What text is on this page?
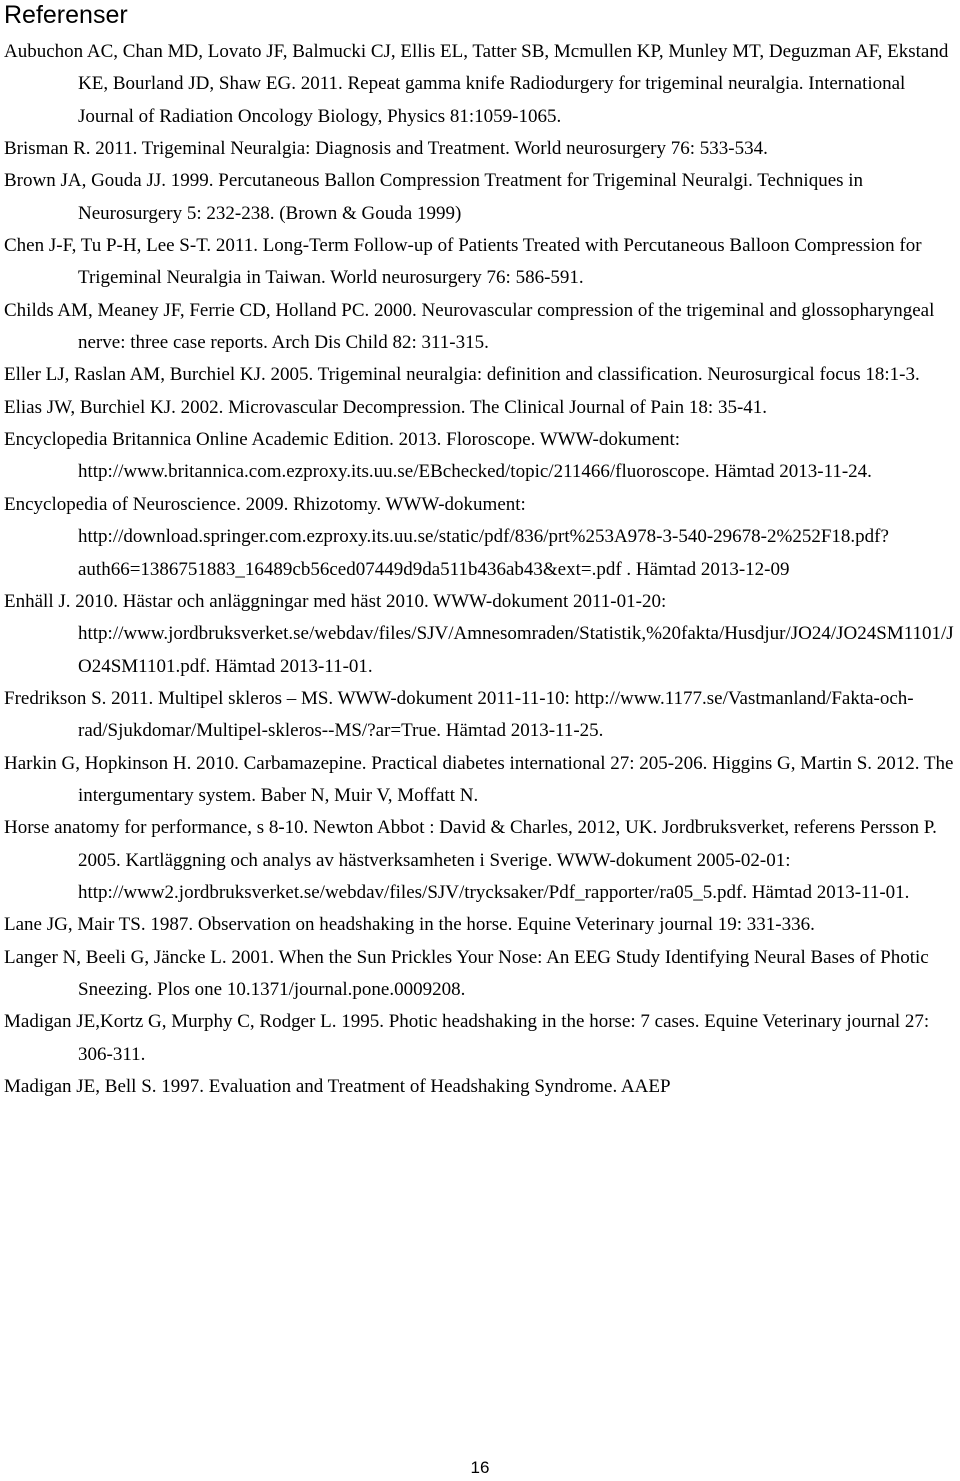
Referenser
Aubuchon AC, Chan MD, Lovato JF, Balmucki CJ, Ellis EL, Tatter SB, Mcmullen KP, Munley MT, Deguzman AF, Ekstand KE, Bourland JD, Shaw EG. 2011. Repeat gamma knife Radiodurgery for trigeminal neuralgia. International Journal of Radiation Oncology Biology, Physics 81:1059-1065.
Brisman R. 2011. Trigeminal Neuralgia: Diagnosis and Treatment. World neurosurgery 76: 533-534.
Brown JA, Gouda JJ. 1999. Percutaneous Ballon Compression Treatment for Trigeminal Neuralgi. Techniques in Neurosurgery 5: 232-238. (Brown & Gouda 1999)
Chen J-F, Tu P-H, Lee S-T. 2011. Long-Term Follow-up of Patients Treated with Percutaneous Balloon Compression for Trigeminal Neuralgia in Taiwan. World neurosurgery 76: 586-591.
Childs AM, Meaney JF, Ferrie CD, Holland PC. 2000. Neurovascular compression of the trigeminal and glossopharyngeal nerve: three case reports. Arch Dis Child 82: 311-315.
Eller LJ, Raslan AM, Burchiel KJ. 2005. Trigeminal neuralgia: definition and classification. Neurosurgical focus 18:1-3.
Elias JW, Burchiel KJ. 2002. Microvascular Decompression. The Clinical Journal of Pain 18: 35-41.
Encyclopedia Britannica Online Academic Edition. 2013. Floroscope. WWW-dokument: http://www.britannica.com.ezproxy.its.uu.se/EBchecked/topic/211466/fluoroscope. Hämtad 2013-11-24.
Encyclopedia of Neuroscience. 2009. Rhizotomy. WWW-dokument: http://download.springer.com.ezproxy.its.uu.se/static/pdf/836/prt%253A978-3-540-29678-2%252F18.pdf?auth66=1386751883_16489cb56ced07449d9da511b436ab43&ext=.pdf . Hämtad 2013-12-09
Enhäll J. 2010. Hästar och anläggningar med häst 2010. WWW-dokument 2011-01-20: http://www.jordbruksverket.se/webdav/files/SJV/Amnesomraden/Statistik,%20fakta/Husdjur/JO24/JO24SM1101/JO24SM1101.pdf. Hämtad 2013-11-01.
Fredrikson S. 2011. Multipel skleros – MS. WWW-dokument 2011-11-10: http://www.1177.se/Vastmanland/Fakta-och-rad/Sjukdomar/Multipel-skleros--MS/?ar=True. Hämtad 2013-11-25.
Harkin G, Hopkinson H. 2010. Carbamazepine. Practical diabetes international 27: 205-206. Higgins G, Martin S. 2012. The intergumentary system. Baber N, Muir V, Moffatt N.
Horse anatomy for performance, s 8-10. Newton Abbot : David & Charles, 2012, UK. Jordbruksverket, referens Persson P. 2005. Kartläggning och analys av hästverksamheten i Sverige. WWW-dokument 2005-02-01: http://www2.jordbruksverket.se/webdav/files/SJV/trycksaker/Pdf_rapporter/ra05_5.pdf. Hämtad 2013-11-01.
Lane JG, Mair TS. 1987. Observation on headshaking in the horse. Equine Veterinary journal 19: 331-336.
Langer N, Beeli G, Jäncke L. 2001. When the Sun Prickles Your Nose: An EEG Study Identifying Neural Bases of Photic Sneezing. Plos one 10.1371/journal.pone.0009208.
Madigan JE,Kortz G, Murphy C, Rodger L. 1995. Photic headshaking in the horse: 7 cases. Equine Veterinary journal 27: 306-311.
Madigan JE, Bell S. 1997. Evaluation and Treatment of Headshaking Syndrome. AAEP
16
